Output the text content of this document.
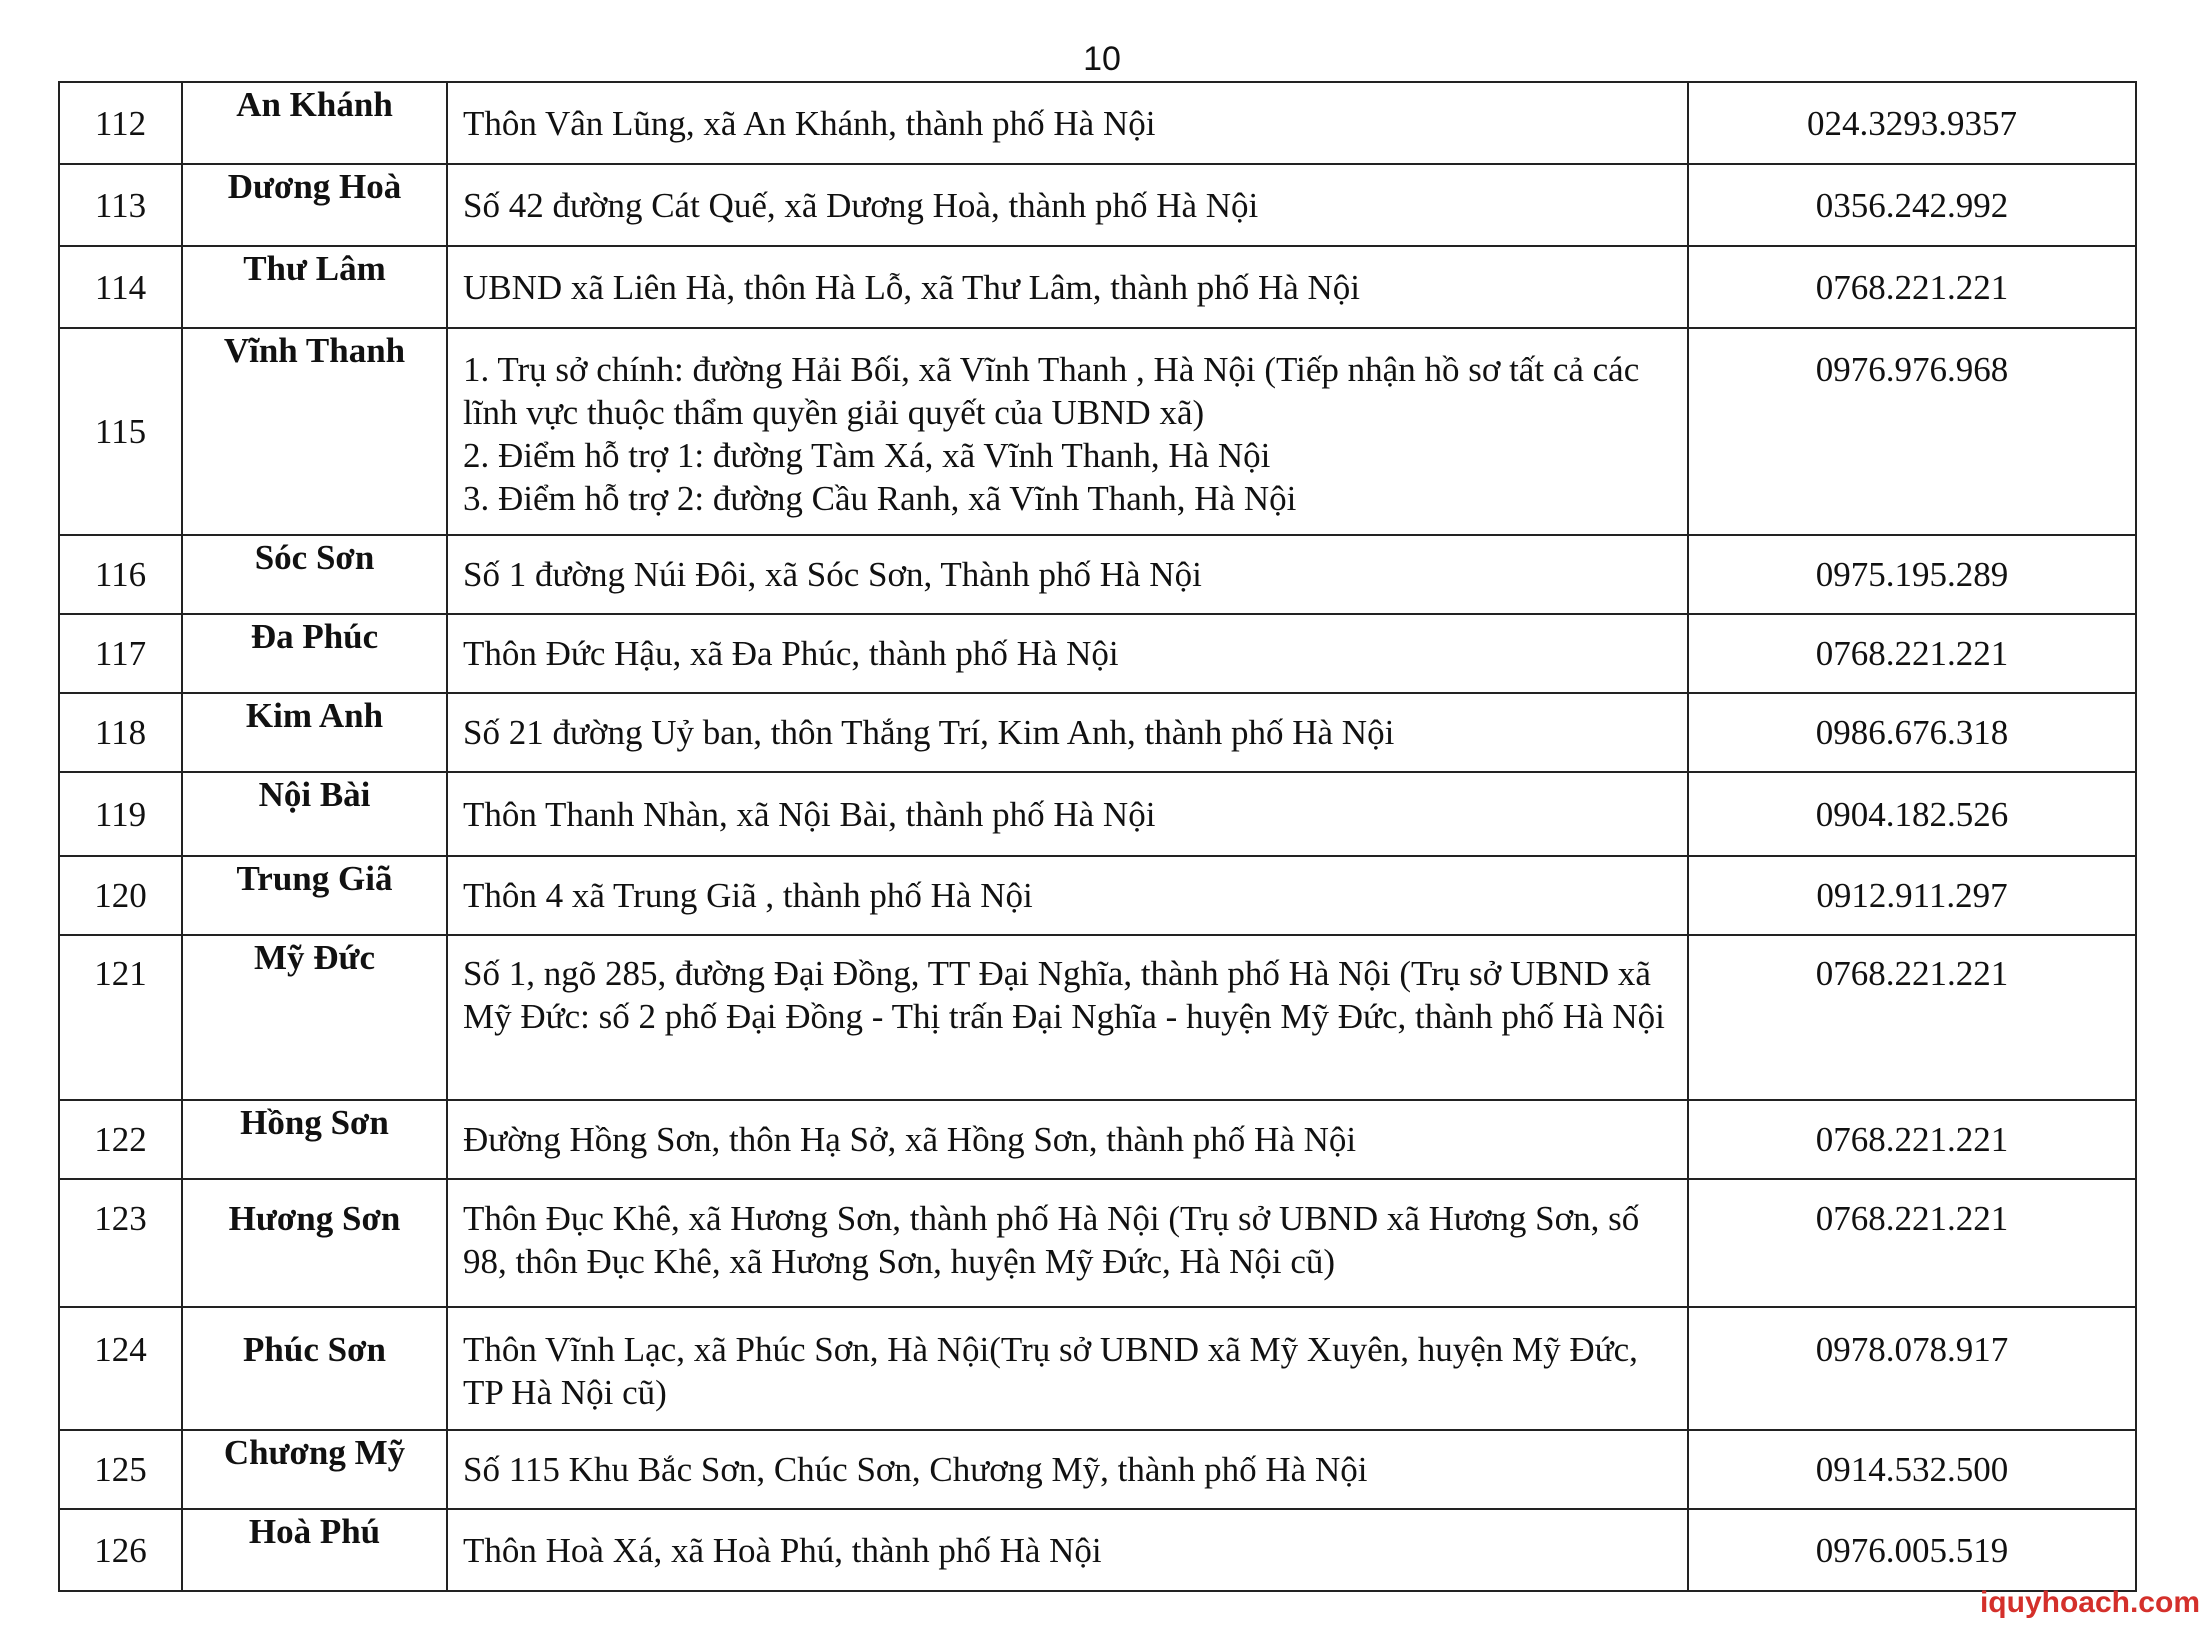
10
112	An Khánh	Thôn Vân Lũng, xã An Khánh, thành phố Hà Nội	024.3293.9357
113	Dương Hoà	Số 42 đường Cát Quế, xã Dương Hoà, thành phố Hà Nội	0356.242.992
114	Thư Lâm	UBND xã Liên Hà, thôn Hà Lỗ, xã Thư Lâm, thành phố Hà Nội	0768.221.221
115	Vĩnh Thanh	1. Trụ sở chính: đường Hải Bối, xã Vĩnh Thanh , Hà Nội (Tiếp nhận hồ sơ tất cả các lĩnh vực thuộc thẩm quyền giải quyết của UBND xã)
2. Điểm hỗ trợ 1: đường Tàm Xá, xã Vĩnh Thanh, Hà Nội
3. Điểm hỗ trợ 2: đường Cầu Ranh, xã Vĩnh Thanh, Hà Nội	0976.976.968
116	Sóc Sơn	Số 1 đường Núi Đôi, xã Sóc Sơn, Thành phố Hà Nội	0975.195.289
117	Đa Phúc	Thôn Đức Hậu, xã Đa Phúc, thành phố Hà Nội	0768.221.221
118	Kim Anh	Số 21 đường Uỷ ban, thôn Thắng Trí, Kim Anh, thành phố Hà Nội	0986.676.318
119	Nội Bài	Thôn Thanh Nhàn, xã Nội Bài, thành phố Hà Nội	0904.182.526
120	Trung Giã	Thôn 4 xã Trung Giã , thành phố Hà Nội	0912.911.297
121	Mỹ Đức	Số 1, ngõ 285, đường Đại Đồng, TT Đại Nghĩa, thành phố Hà Nội (Trụ sở UBND xã Mỹ Đức: số 2 phố Đại Đồng - Thị trấn Đại Nghĩa - huyện Mỹ Đức, thành phố Hà Nội	0768.221.221
122	Hồng Sơn	Đường Hồng Sơn, thôn Hạ Sở, xã Hồng Sơn, thành phố Hà Nội	0768.221.221
123	Hương Sơn	Thôn Đục Khê, xã Hương Sơn, thành phố Hà Nội (Trụ sở UBND xã Hương Sơn, số 98, thôn Đục Khê, xã Hương Sơn, huyện Mỹ Đức, Hà Nội cũ)	0768.221.221
124	Phúc Sơn	Thôn Vĩnh Lạc, xã Phúc Sơn, Hà Nội(Trụ sở UBND xã Mỹ Xuyên, huyện Mỹ Đức, TP Hà Nội cũ)	0978.078.917
125	Chương Mỹ	Số 115 Khu Bắc Sơn, Chúc Sơn, Chương Mỹ, thành phố Hà Nội	0914.532.500
126	Hoà Phú	Thôn Hoà Xá, xã Hoà Phú, thành phố Hà Nội	0976.005.519
iquyhoach.com
